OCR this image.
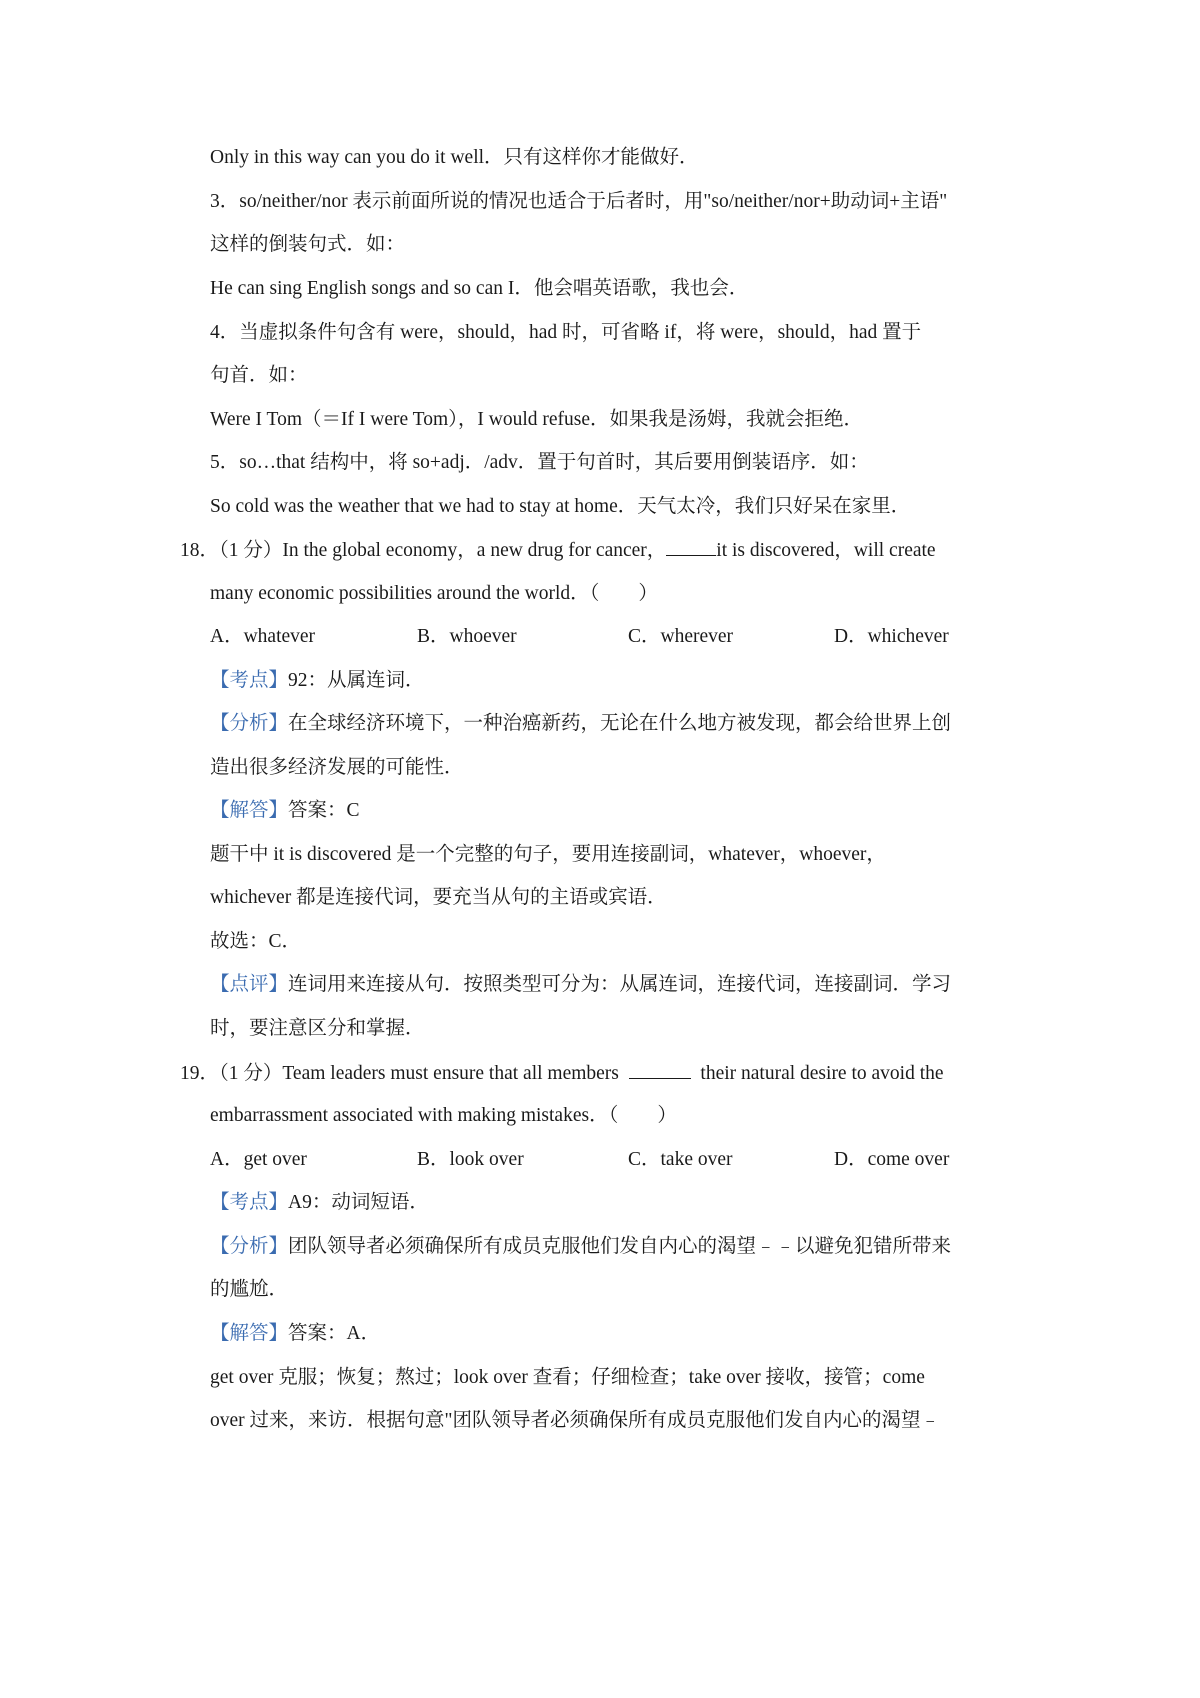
Only in this way can you do it well．只有这样你才能做好．
3．so/neither/nor 表示前面所说的情况也适合于后者时，用"so/neither/nor+助动词+主语"
这样的倒装句式．如：
He can sing English songs and so can I．他会唱英语歌，我也会．
4．当虚拟条件句含有 were，should，had 时，可省略 if，将 were，should，had 置于
句首．如：
Were I Tom（＝If I were Tom），I would refuse．如果我是汤姆，我就会拒绝．
5．so…that 结构中，将 so+adj．/adv．置于句首时，其后要用倒装语序．如：
So cold was the weather that we had to stay at home．天气太冷，我们只好呆在家里．
18．（1 分）In the global economy，a new drug for cancer，	it is discovered，will create
many economic possibilities around the world．（　　）
A．whatever	B．whoever	C．wherever	D．whichever
【考点】92：从属连词．
【分析】在全球经济环境下，一种治癌新药，无论在什么地方被发现，都会给世界上创
造出很多经济发展的可能性．
【解答】答案：C
题干中 it is discovered 是一个完整的句子，要用连接副词，whatever，whoever，
whichever 都是连接代词，要充当从句的主语或宾语．
故选：C．
【点评】连词用来连接从句．按照类型可分为：从属连词，连接代词，连接副词．学习
时，要注意区分和掌握．
19．（1 分）Team leaders must ensure that all members	their natural desire to avoid the
embarrassment associated with making mistakes．（　　）
A．get over	B．look over	C．take over	D．come over
【考点】A9：动词短语．
【分析】团队领导者必须确保所有成员克服他们发自内心的渴望﹣﹣以避免犯错所带来
的尴尬．
【解答】答案：A．
get over 克服；恢复；熬过；look over 查看；仔细检查；take over 接收，接管；come
over 过来，来访．根据句意"团队领导者必须确保所有成员克服他们发自内心的渴望﹣
